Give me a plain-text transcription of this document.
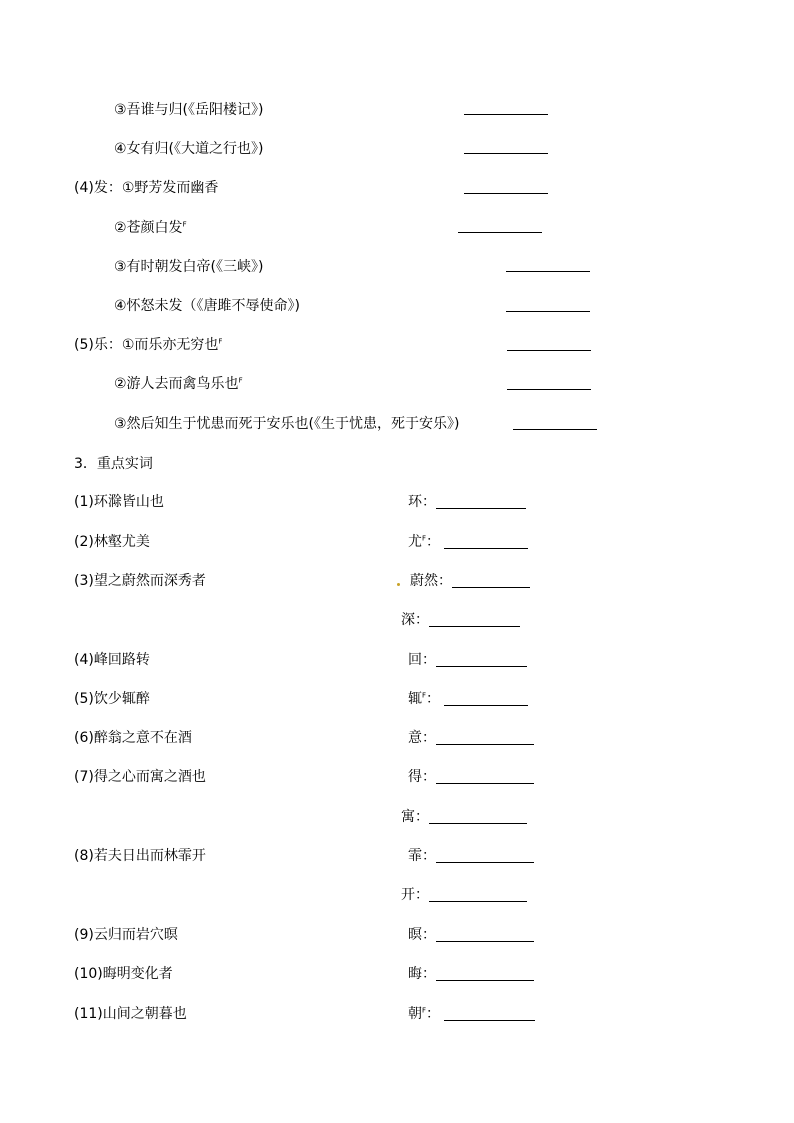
③吾谁与归(《岳阳楼记》)
④女有归(《大道之行也》)
(4)发：①野芳发而幽香
②苍颜白发$^F$
③有时朝发白帝(《三峡》)
④怀怒未发（《唐雎不辱使命》)
(5)乐：①而乐亦无穷也$^F$
②游人去而禽鸟乐也$^F$
③然后知生于忧患而死于安乐也(《生于忧患，死于安乐》)
3．重点实词
(1)环滁皆山也	环：
(2)林壑尤美	尤$^F$：
(3)望之蔚然而深秀者	蔚然：
深：
(4)峰回路转	回：
(5)饮少辄醉	辄$^F$：
(6)醉翁之意不在酒	意：
(7)得之心而寓之酒也	得：
寓：
(8)若夫日出而林霏开	霏：
开：
(9)云归而岩穴暝	暝：
(10)晦明变化者	晦：
(11)山间之朝暮也	朝$^F$：
